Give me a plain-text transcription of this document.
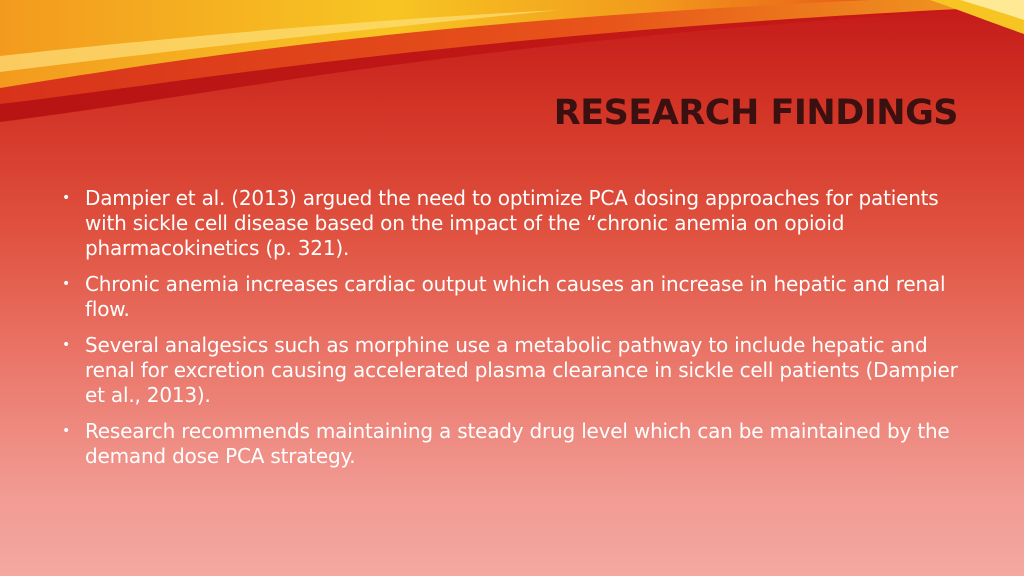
RESEARCH FINDINGS
• Dampier et al. (2013) argued the need to optimize PCA dosing approaches for patients with sickle cell disease based on the impact of the “chronic anemia on opioid pharmacokinetics (p. 321).
• Chronic anemia increases cardiac output which causes an increase in hepatic and renal flow.
• Several analgesics such as morphine use a metabolic pathway to include hepatic and renal for excretion causing accelerated plasma clearance in sickle cell patients (Dampier et al., 2013).
• Research recommends maintaining a steady drug level which can be maintained by the demand dose PCA strategy.
